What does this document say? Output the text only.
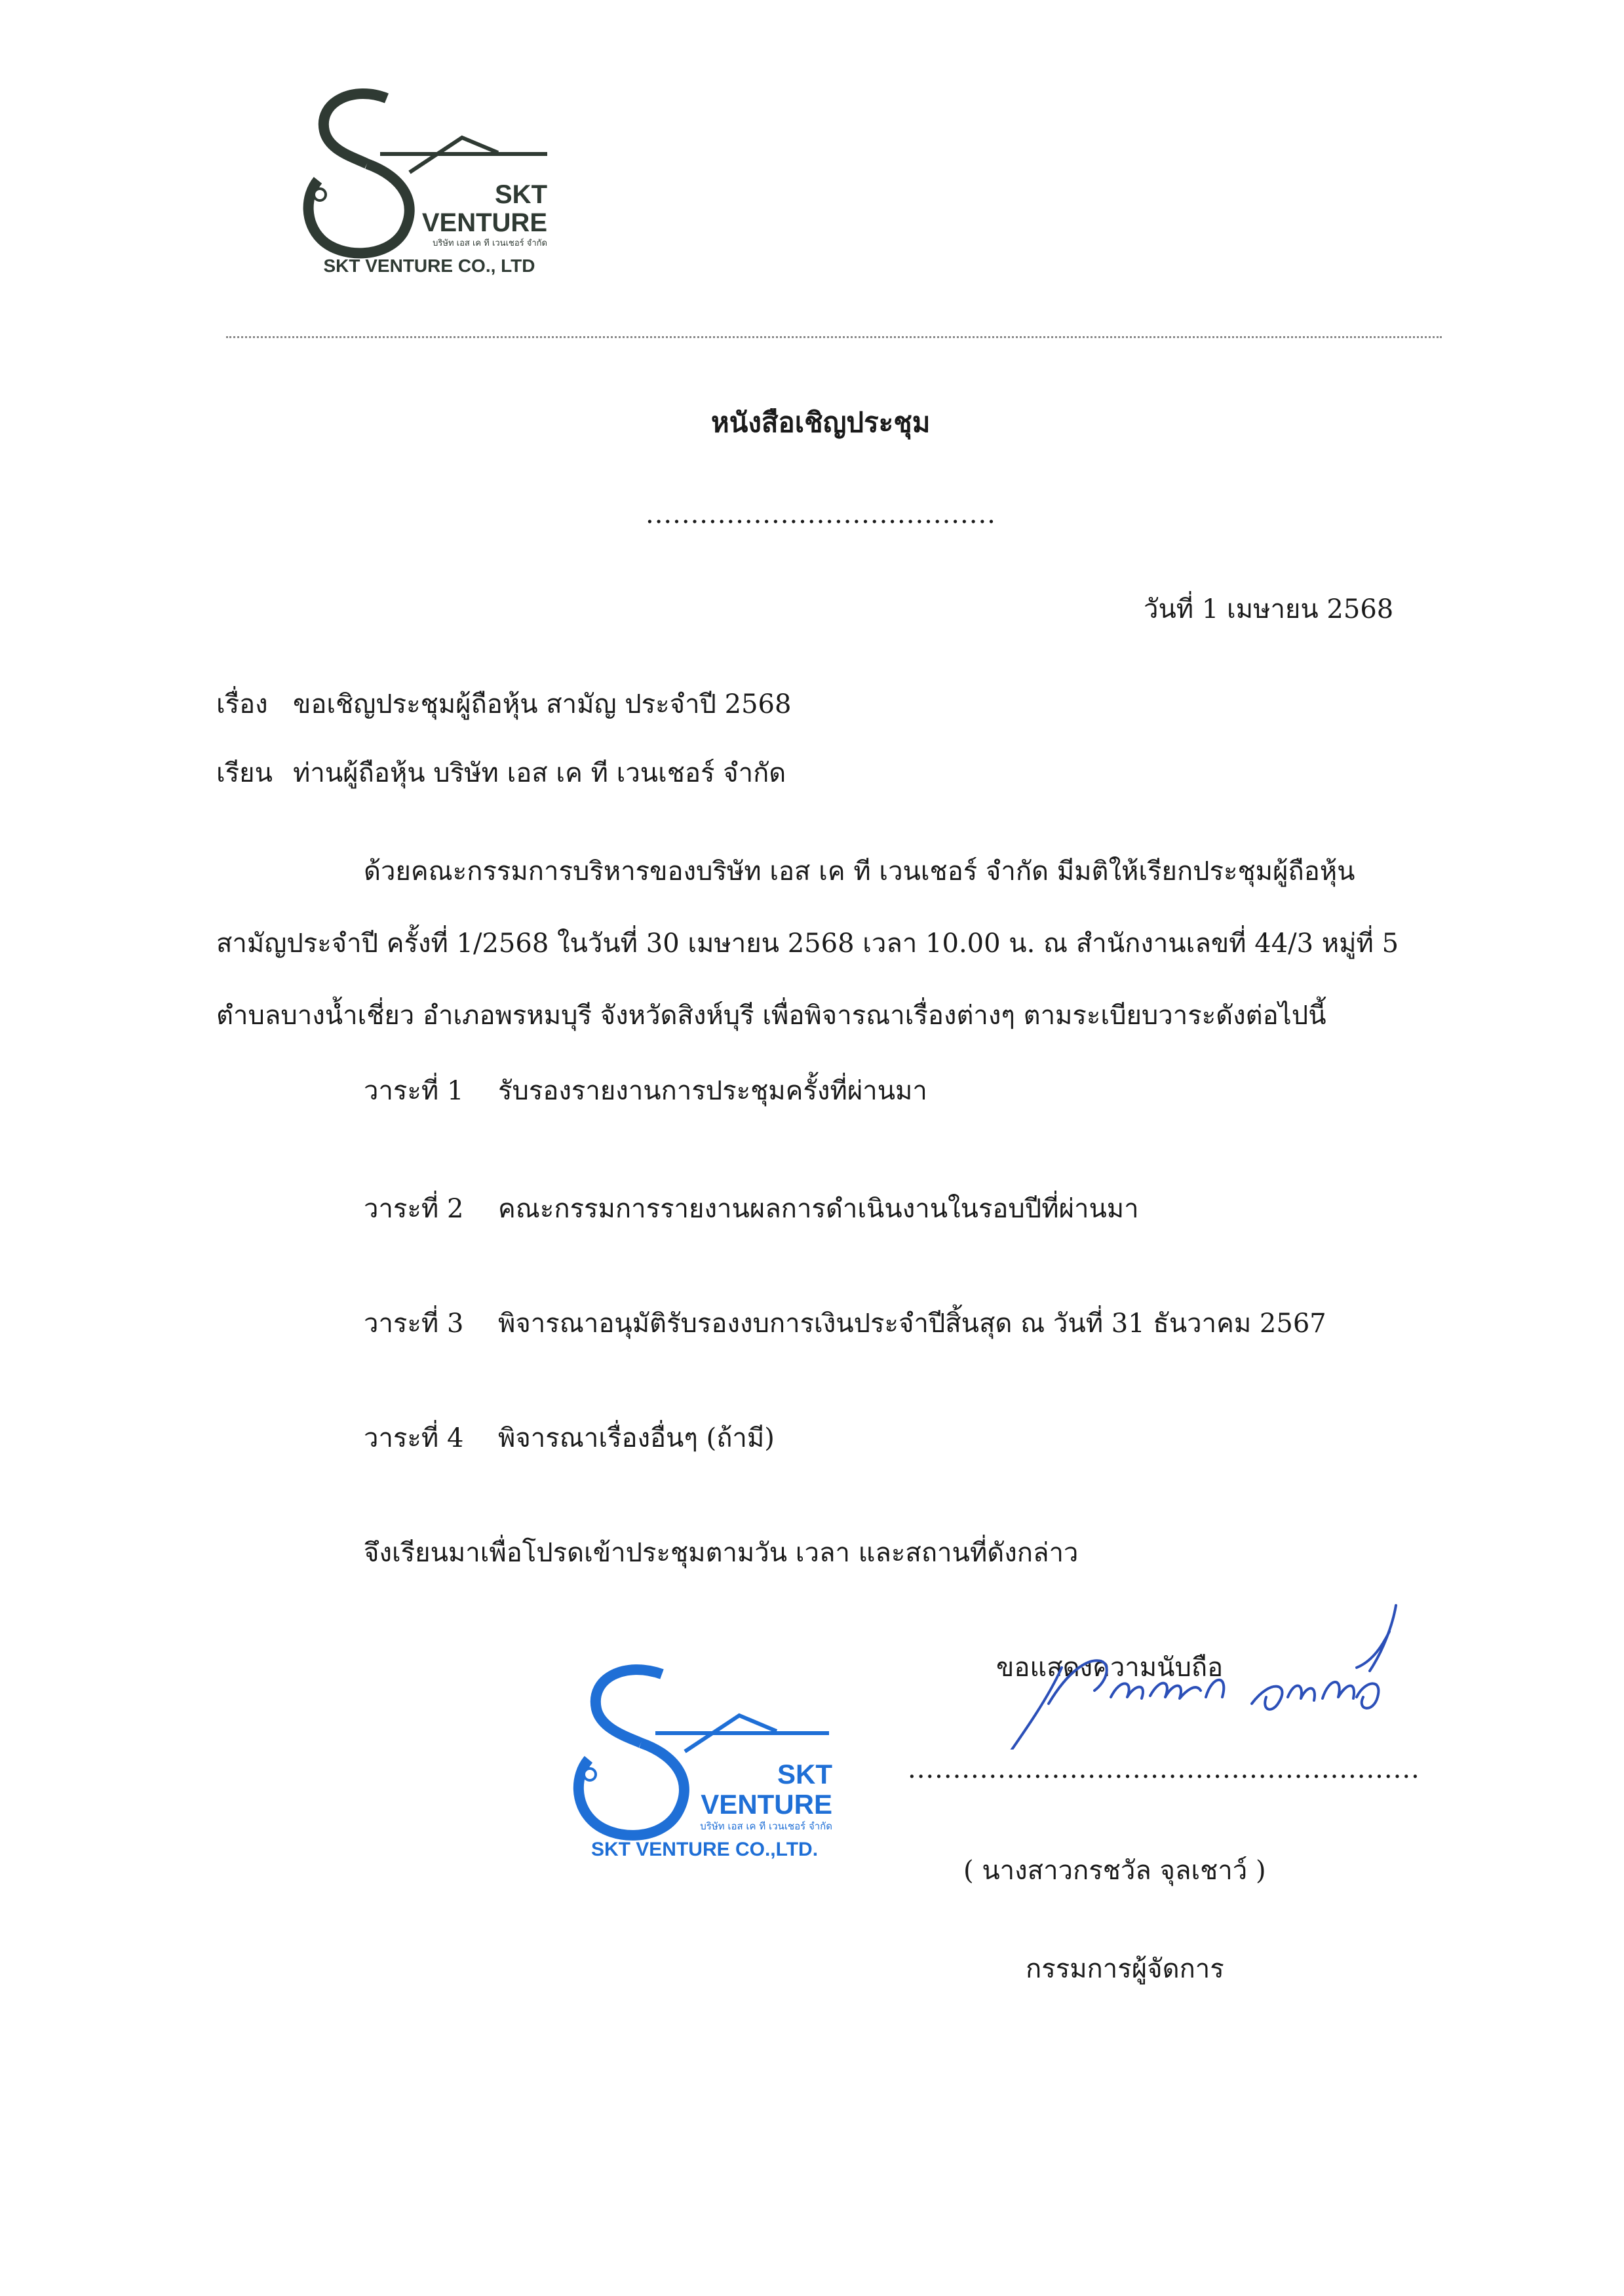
SKT
VENTURE
บริษัท เอส เค ที เวนเชอร์ จำกัด
SKT VENTURE CO., LTD
หนังสือเชิญประชุม
.......................................
วันที่ 1 เมษายน 2568
เรื่อง ขอเชิญประชุมผู้ถือหุ้น สามัญ ประจำปี 2568
เรียน ท่านผู้ถือหุ้น บริษัท เอส เค ที เวนเชอร์ จำกัด
ด้วยคณะกรรมการบริหารของบริษัท เอส เค ที เวนเชอร์ จำกัด มีมติให้เรียกประชุมผู้ถือหุ้น
สามัญประจำปี ครั้งที่ 1/2568 ในวันที่ 30 เมษายน 2568 เวลา 10.00 น. ณ สำนักงานเลขที่ 44/3 หมู่ที่ 5
ตำบลบางน้ำเชี่ยว อำเภอพรหมบุรี จังหวัดสิงห์บุรี เพื่อพิจารณาเรื่องต่างๆ ตามระเบียบวาระดังต่อไปนี้
วาระที่ 1 รับรองรายงานการประชุมครั้งที่ผ่านมา
วาระที่ 2 คณะกรรมการรายงานผลการดำเนินงานในรอบปีที่ผ่านมา
วาระที่ 3 พิจารณาอนุมัติรับรองงบการเงินประจำปีสิ้นสุด ณ วันที่ 31 ธันวาคม 2567
วาระที่ 4 พิจารณาเรื่องอื่นๆ (ถ้ามี)
จึงเรียนมาเพื่อโปรดเข้าประชุมตามวัน เวลา และสถานที่ดังกล่าว
ขอแสดงความนับถือ
.........................................................
SKT
VENTURE
บริษัท เอส เค ที เวนเชอร์ จำกัด
SKT VENTURE CO.,LTD.
( นางสาวกรชวัล จุลเชาว์ )
กรรมการผู้จัดการ
